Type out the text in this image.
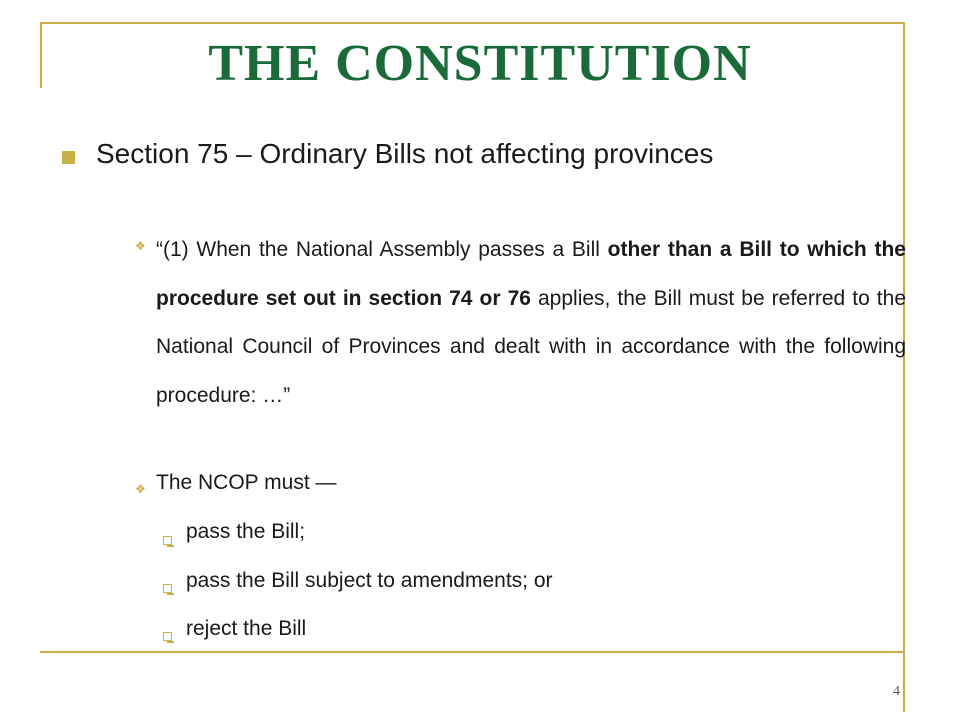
THE CONSTITUTION
Section 75 – Ordinary Bills not affecting provinces
❖ “(1) When the National Assembly passes a Bill other than a Bill to which the procedure set out in section 74 or 76 applies, the Bill must be referred to the National Council of Provinces and dealt with in accordance with the following procedure: …”
❖ The NCOP must —
pass the Bill;
pass the Bill subject to amendments; or
reject the Bill
4
